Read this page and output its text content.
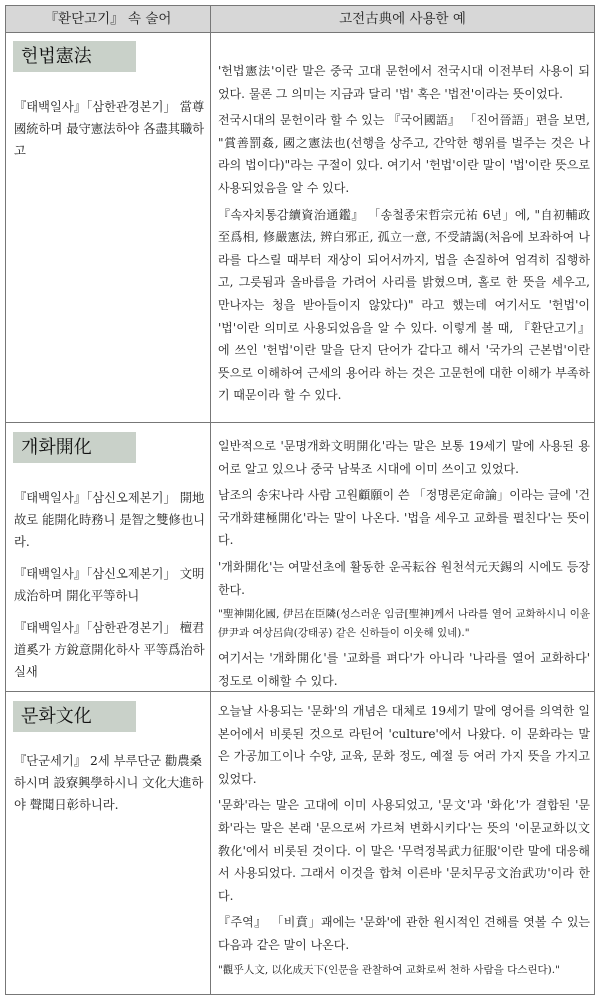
『환단고기』 속 술어	고전古典에 사용한 예
헌법憲法
『태백일사』「삼한관경본기」 當尊國統하며 最守憲法하야 各盡其職하고
'헌법憲法'이란 말은 중국 고대 문헌에서 전국시대 이전부터 사용이 되었다. 물론 그 의미는 지금과 달리 '법' 혹은 '법전'이라는 뜻이었다.
전국시대의 문헌이라 할 수 있는 『국어國語』 「진어晉語」편을 보면, "賞善罰姦, 國之憲法也(선행을 상주고, 간악한 행위를 벌주는 것은 나라의 법이다)"라는 구절이 있다. 여기서 '헌법'이란 말이 '법'이란 뜻으로 사용되었음을 알 수 있다.
『속자치통감續資治通鑑』 「송철종宋哲宗元祐 6년」에, "自初輔政至爲相, 修嚴憲法, 辨白邪正, 孤立一意, 不受請謁(처음에 보좌하여 나라를 다스릴 때부터 재상이 되어서까지, 법을 손질하여 엄격히 집행하고, 그릇됨과 올바름을 가려어 사리를 밝혔으며, 홀로 한 뜻을 세우고, 만나자는 청을 받아들이지 않았다)" 라고 했는데 여기서도 '헌법'이 '법'이란 의미로 사용되었음을 알 수 있다. 이렇게 볼 때, 『환단고기』에 쓰인 '헌법'이란 말을 단지 단어가 같다고 해서 '국가의 근본법'이란 뜻으로 이해하여 근세의 용어라 하는 것은 고문헌에 대한 이해가 부족하기 때문이라 할 수 있다.
개화開化
『태백일사』「삼신오제본기」 開地故로 能開化時務니 是智之雙修也니라.
『태백일사』「삼신오제본기」 文明成治하며 開化平等하니
『태백일사』「삼한관경본기」 檀君道奚가 方銳意開化하사 平等爲治하실새
일반적으로 '문명개화文明開化'라는 말은 보통 19세기 말에 사용된 용어로 알고 있으나 중국 남북조 시대에 이미 쓰이고 있었다.
남조의 송宋나라 사람 고원顧願이 쓴 「정명론定命論」이라는 글에 '건국개화建極開化'라는 말이 나온다. '법을 세우고 교화를 펼친다'는 뜻이다.
'개화開化'는 여말선초에 활동한 운곡耘谷 원천석元天錫의 시에도 등장한다.
"聖神開化國, 伊呂在臣隣(성스러운 임금[聖神]께서 나라를 열어 교화하시니 이윤伊尹과 여상呂尙(강태공) 같은 신하들이 이웃해 있네)."
여기서는 '개화開化'를 '교화를 펴다'가 아니라 '나라를 열어 교화하다' 정도로 이해할 수 있다.
문화文化
『단군세기』 2세 부루단군 勸農桑하시며 設寮興學하시니 文化大進하야 聲聞日彰하니라.
오늘날 사용되는 '문화'의 개념은 대체로 19세기 말에 영어를 의역한 일본어에서 비롯된 것으로 라틴어 'culture'에서 나왔다. 이 문화라는 말은 가공加工이나 수양, 교육, 문화 정도, 예절 등 여러 가지 뜻을 가지고 있었다.
'문화'라는 말은 고대에 이미 사용되었고, '문文'과 '화化'가 결합된 '문화'라는 말은 본래 '문으로써 가르쳐 변화시키다'는 뜻의 '이문교화以文敎化'에서 비롯된 것이다. 이 말은 '무력정복武力征服'이란 말에 대응해서 사용되었다. 그래서 이것을 합쳐 이른바 '문치무공文治武功'이라 한다.
『주역』 「비賁」괘에는 '문화'에 관한 원시적인 견해를 엿볼 수 있는 다음과 같은 말이 나온다.
"觀乎人文, 以化成天下(인문을 관찰하여 교화로써 천하 사람을 다스린다)."
